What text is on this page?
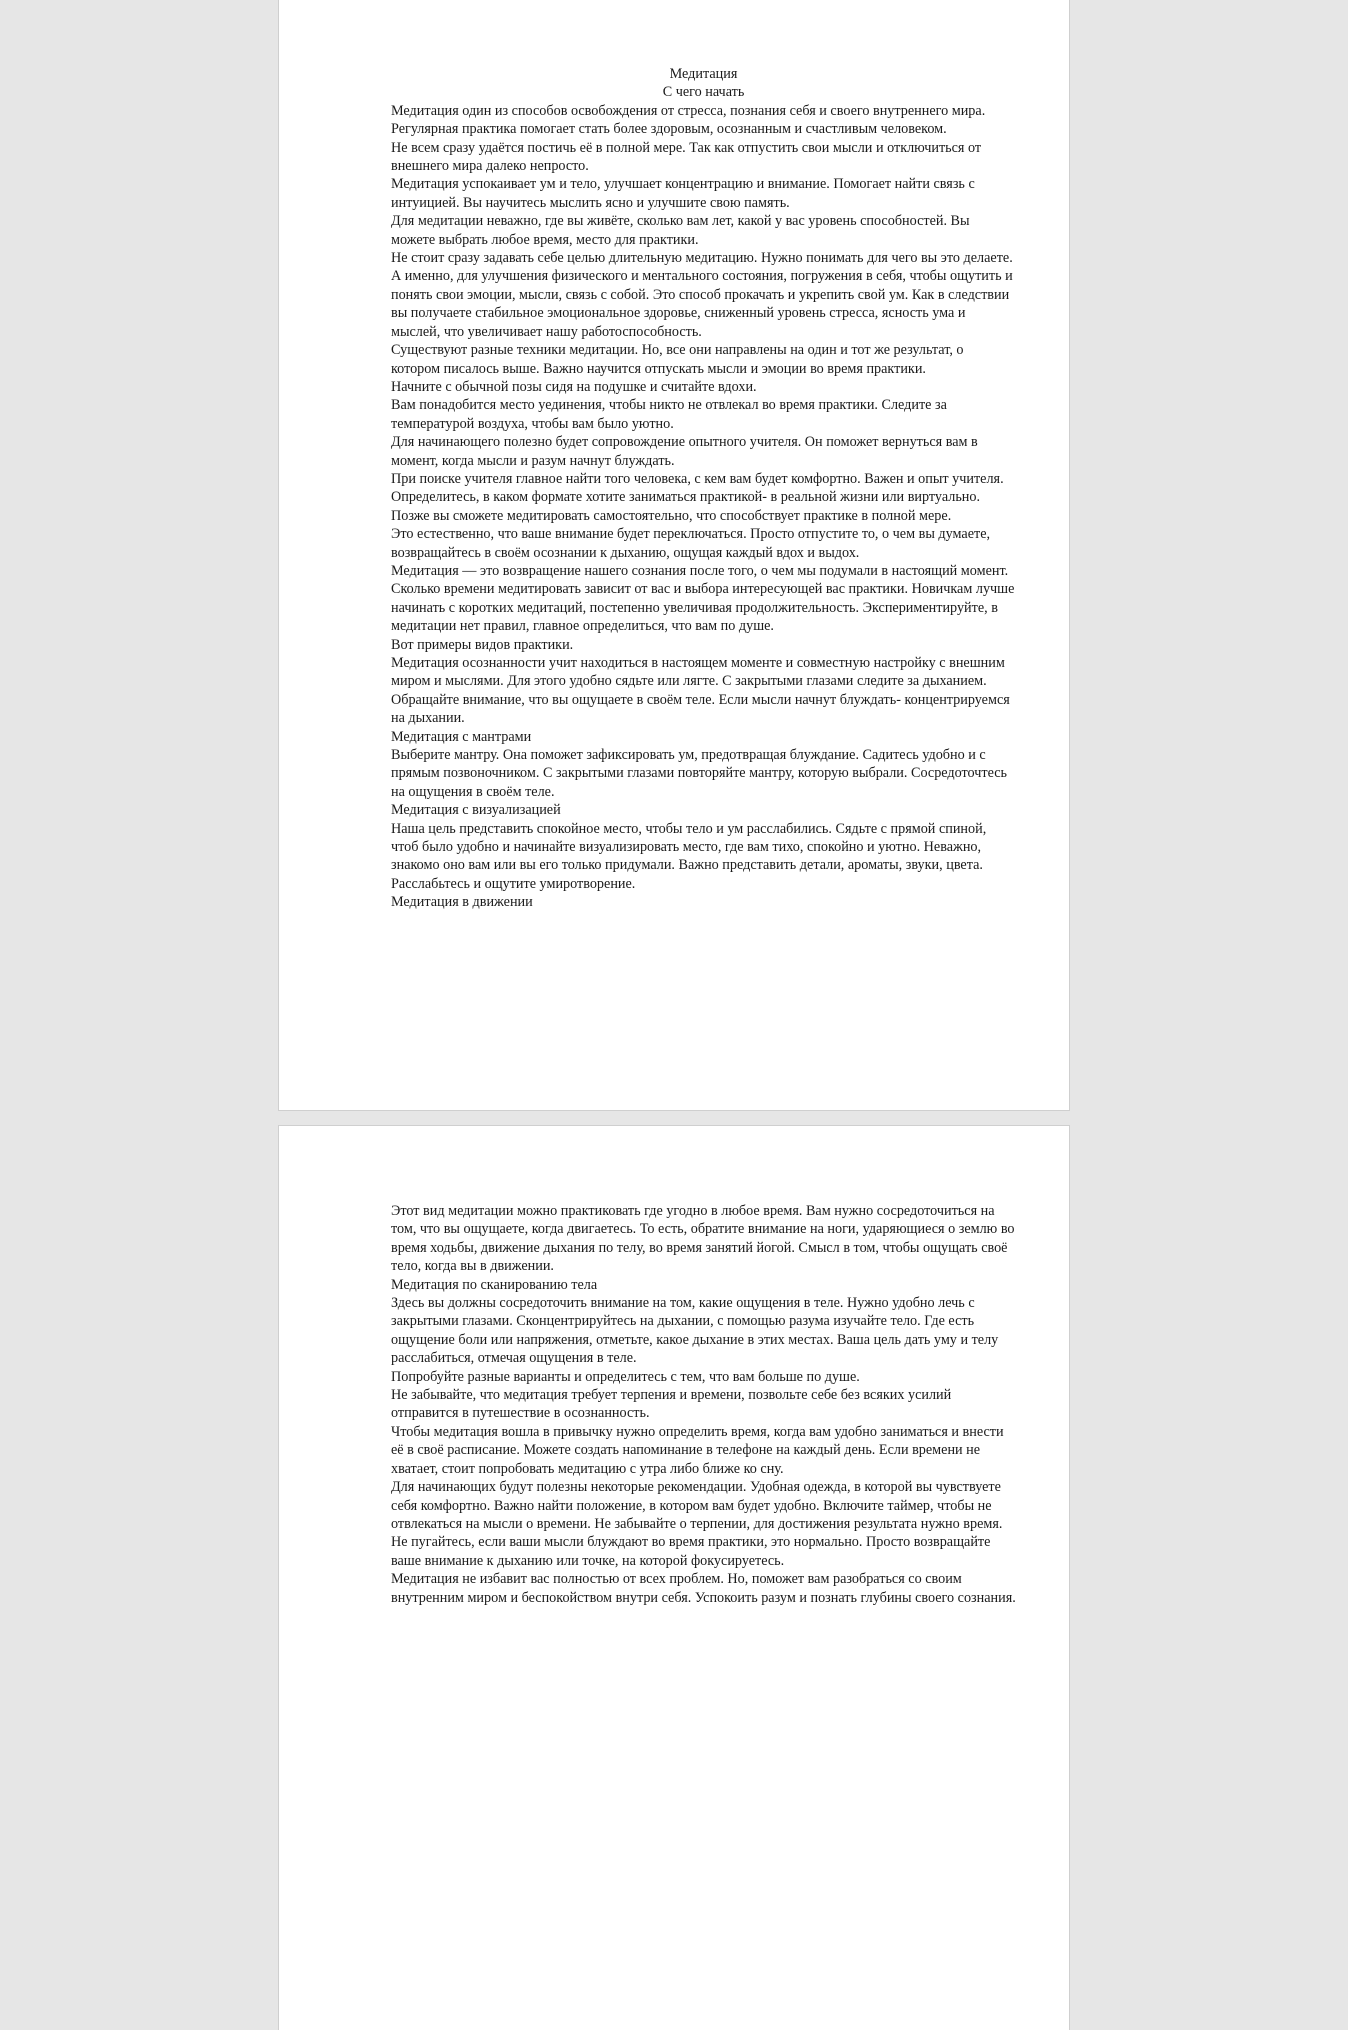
Медитация
С чего начать

Медитация один из способов освобождения от стресса, познания себя и своего внутреннего мира. Регулярная практика помогает стать более здоровым, осознанным и счастливым человеком.

Не всем сразу удаётся постичь её в полной мере. Так как отпустить свои мысли и отключиться от внешнего мира далеко непросто.

Медитация успокаивает ум и тело, улучшает концентрацию и внимание. Помогает найти связь с интуицией. Вы научитесь мыслить ясно и улучшите свою память.

Для медитации неважно, где вы живёте, сколько вам лет, какой у вас уровень способностей. Вы можете выбрать любое время, место для практики.

Не стоит сразу задавать себе целью длительную медитацию. Нужно понимать для чего вы это делаете. А именно, для улучшения физического и ментального состояния, погружения в себя, чтобы ощутить и понять свои эмоции, мысли, связь с собой. Это способ прокачать и укрепить свой ум. Как в следствии вы получаете стабильное эмоциональное здоровье, сниженный уровень стресса, ясность ума и мыслей, что увеличивает нашу работоспособность.

Существуют разные техники медитации. Но, все они направлены на один и тот же результат, о котором писалось выше. Важно научится отпускать мысли и эмоции во время практики.

Начните с обычной позы сидя на подушке и считайте вдохи.

Вам понадобится место уединения, чтобы никто не отвлекал во время практики. Следите за температурой воздуха, чтобы вам было уютно.

Для начинающего полезно будет сопровождение опытного учителя. Он поможет вернуться вам в момент, когда мысли и разум начнут блуждать.

При поиске учителя главное найти того человека, с кем вам будет комфортно. Важен и опыт учителя. Определитесь, в каком формате хотите заниматься практикой- в реальной жизни или виртуально. Позже вы сможете медитировать самостоятельно, что способствует практике в полной мере.

Это естественно, что ваше внимание будет переключаться. Просто отпустите то, о чем вы думаете, возвращайтесь в своём осознании к дыханию, ощущая каждый вдох и выдох.

Медитация — это возвращение нашего сознания после того, о чем мы подумали в настоящий момент.

Сколько времени медитировать зависит от вас и выбора интересующей вас практики. Новичкам лучше начинать с коротких медитаций, постепенно увеличивая продолжительность. Экспериментируйте, в медитации нет правил, главное определиться, что вам по душе.

Вот примеры видов практики.

Медитация осознанности учит находиться в настоящем моменте и совместную настройку с внешним миром и мыслями. Для этого удобно сядьте или лягте. С закрытыми глазами следите за дыханием. Обращайте внимание, что вы ощущаете в своём теле. Если мысли начнут блуждать- концентрируемся на дыхании.

Медитация с мантрами

Выберите мантру. Она поможет зафиксировать ум, предотвращая блуждание. Садитесь удобно и с прямым позвоночником. С закрытыми глазами повторяйте мантру, которую выбрали. Сосредоточтесь на ощущения в своём теле.

Медитация с визуализацией

Наша цель представить спокойное место, чтобы тело и ум расслабились. Сядьте с прямой спиной, чтоб было удобно и начинайте визуализировать место, где вам тихо, спокойно и уютно. Неважно, знакомо оно вам или вы его только придумали. Важно представить детали, ароматы, звуки, цвета. Расслабьтесь и ощутите умиротворение.

Медитация в движении

Этот вид медитации можно практиковать где угодно в любое время. Вам нужно сосредоточиться на том, что вы ощущаете, когда двигаетесь. То есть, обратите внимание на ноги, ударяющиеся о землю во время ходьбы, движение дыхания по телу, во время занятий йогой. Смысл в том, чтобы ощущать своё тело, когда вы в движении.

Медитация по сканированию тела

Здесь вы должны сосредоточить внимание на том, какие ощущения в теле. Нужно удобно лечь с закрытыми глазами. Сконцентрируйтесь на дыхании, с помощью разума изучайте тело. Где есть ощущение боли или напряжения, отметьте, какое дыхание в этих местах. Ваша цель дать уму и телу расслабиться, отмечая ощущения в теле.

Попробуйте разные варианты и определитесь с тем, что вам больше по душе.

Не забывайте, что медитация требует терпения и времени, позвольте себе без всяких усилий отправится в путешествие в осознанность.

Чтобы медитация вошла в привычку нужно определить время, когда вам удобно заниматься и внести её в своё расписание. Можете создать напоминание в телефоне на каждый день. Если времени не хватает, стоит попробовать медитацию с утра либо ближе ко сну.

Для начинающих будут полезны некоторые рекомендации. Удобная одежда, в которой вы чувствуете себя комфортно. Важно найти положение, в котором вам будет удобно. Включите таймер, чтобы не отвлекаться на мысли о времени. Не забывайте о терпении, для достижения результата нужно время. Не пугайтесь, если ваши мысли блуждают во время практики, это нормально. Просто возвращайте ваше внимание к дыханию или точке, на которой фокусируетесь.

Медитация не избавит вас полностью от всех проблем. Но, поможет вам разобраться со своим внутренним миром и беспокойством внутри себя. Успокоить разум и познать глубины своего сознания.
